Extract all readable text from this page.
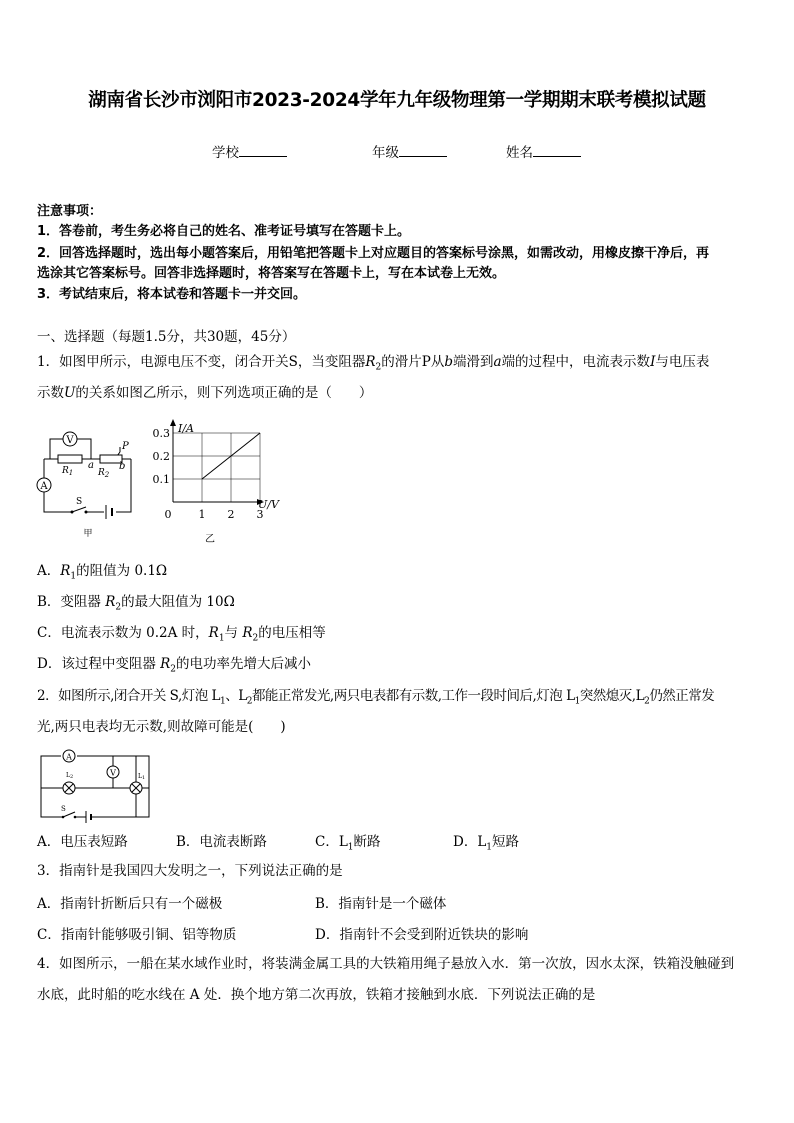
湖南省长沙市浏阳市2023-2024学年九年级物理第一学期期末联考模拟试题
学校	年级	姓名
注意事项：
1．答卷前，考生务必将自己的姓名、准考证号填写在答题卡上。
2．回答选择题时，选出每小题答案后，用铅笔把答题卡上对应题目的答案标号涂黑，如需改动，用橡皮擦干净后，再
选涂其它答案标号。回答非选择题时，将答案写在答题卡上，写在本试卷上无效。
3．考试结束后，将本试卷和答题卡一并交回。
一、选择题（每题1.5分，共30题，45分）
1．如图甲所示，电源电压不变，闭合开关S，当变阻器$R_2$的滑片P从b端滑到a端的过程中，电流表示数I与电压表
示数U的关系如图乙所示，则下列选项正确的是（　　）
V
A
S
$R_1$
a
$R_2$
b
P
甲
I/A
U/V
0.3
0.2
0.1
0 1 2 3
乙
A．$R_1$的阻值为 0.1Ω
B．变阻器 $R_2$的最大阻值为 10Ω
C．电流表示数为 0.2A 时，$R_1$与 $R_2$的电压相等
D．该过程中变阻器 $R_2$的电功率先增大后减小
2．如图所示,闭合开关 S,灯泡 $L_1$、$L_2$都能正常发光,两只电表都有示数,工作一段时间后,灯泡 $L_1$突然熄灭$,L_2$仍然正常发
光,两只电表均无示数,则故障可能是(　　)
A
V
L2	L1
S
A．电压表短路	B．电流表断路	C．$L_1$断路	D．$L_1$短路
3．指南针是我国四大发明之一，下列说法正确的是
A．指南针折断后只有一个磁极	B．指南针是一个磁体
C．指南针能够吸引铜、铝等物质	D．指南针不会受到附近铁块的影响
4．如图所示，一船在某水域作业时，将装满金属工具的大铁箱用绳子悬放入水．第一次放，因水太深，铁箱没触碰到
水底，此时船的吃水线在 A 处．换个地方第二次再放，铁箱才接触到水底．下列说法正确的是
